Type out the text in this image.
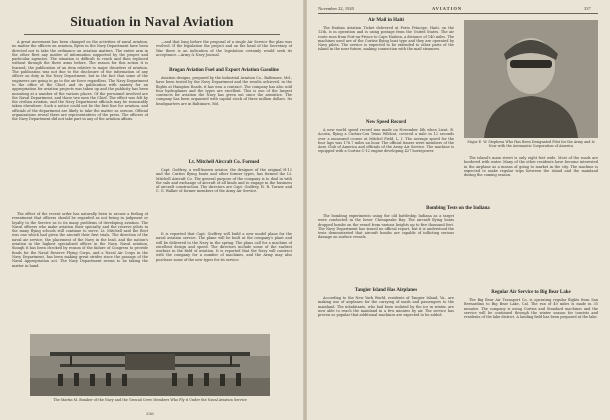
Situation in Naval Aviation

A great movement has been changed on the activities of naval aviation, no matter the officers on aviation, flyers in the Navy Department have been directed not to take the ordinance on aviation matters. The entire arm in the other fleet any matter of information supported by the proper and particular agencies. The situation is difficult to reach and then replaced without through the three arms before. The reason for this action it is learned, the publication of an item relative to major disorders of aviation. The publication was not due to the disclosure of the information of any officer on duty in the Navy Department, but in the fact that some of the engineers are going to go to the air force regardless. The Navy Department to the office of the Chief, and its publication with anxiety for an appropriation for aviation projects was taken up and the publicity has been mounting at a number of the various places. Of the personnel involved are the Naval Department, and those two men the Chief. The effect was felt by the civilian aviation, and the Navy Department officials may be reasonably taken elsewhere. Such a notice could not be the first line for aviation, and officials of the department are likely to take the matter as serious. Official organizations reveal there are representatives of the press. The officers of the Navy Department did not take part in any of the aviation affairs.

The effect of the recent order has naturally been to arouse a feeling of resentment that officers should be regarded as not being in judgment or loyalty to the Service as to its many problems of developing aviation. The Naval officers who make aviation their specialty and the reserve pilots in the many flying schools still continue to serve. Lt. Mitchell said the fleet was one which had given the aircraft their first trials. The direction of the naval air service, the placement of the Navy in the lead, and the nation's aviation in the highest specialized offices in the Navy. Naval aviation, though it has been checked by reason of the failure of Congress to provide funds for the Naval Reserve Flying Corps, and a Naval Air Corps in the Navy Department, has been making great strides since the passage of the Naval Appropriation act. The Navy Department seems to be taking the matter in hand.

—and that long before the proposal of a single Air Service the plan was evolved. If the legislation the project and on the head of the Secretary of War there is an indication of the legislation certainly would seek its acceptance.—Army & Navy Journal.

Brogan Aviation Fuel and Export Aviation Gasoline

Aviation designs, prepared by the Industrial Aviation Co., Baltimore, Md., have been tested by the Navy Department and the results achieved, in the flights at Hampton Roads, it has won a contract. The company has also sold four hydroplanes and the types are excellent. This is one of the largest contracts for aviation the Navy has given out since the armistice. The company has been organized with capital stock of three million dollars. Its headquarters are in Baltimore, Md.

Lt. Mitchell Aircraft Co. Formed

Capt. Godfrey, a well-known aviator, the designer of the original H-12 and the Curtiss flying boats and other former types, has formed the Lt. Mitchell Aircraft Co. The general purpose of the company is to deal in with the sale and exchange of aircraft of all kinds and to engage in the business of aircraft construction. The directors are Capt. Godfrey, H. R. Turner and C. G. Walker of former members of the Army Air Service.

It is reported that Capt. Godfrey will build a new model plane for the naval aviation service. The plane will be built at the company's plant and will be delivered to the Navy in the spring. The plans call for a machine of excellent design and speed. The directors include some of the earliest workers in the field of aviation. It is reported that the Navy will contract with the company for a number of machines, and the Army may also purchase some of the new types for its service.

The Martin M. Bomber of the Navy and the Ground Crew Members Who Fly it Under the Naval Aviation Service
336
November 22, 1920	AVIATION	337
Air Mail in Haiti

The Haitian Aviation Ticket delivered at Porto Principe, Haiti, on the 12th, is in operation and is using postage from the United States. The air route runs from Port-au-Prince to Cape Haitien, a distance of 140 miles. The machines used are of the Curtiss flying boat type and they are operated by Navy pilots. The service is expected to be extended to other parts of the island in the near future, making connection with the mail steamers.

New Speed Record

A new world speed record was made on November 4th when Lieut. B. Acosta, flying a Curtiss-Cox Texas Wildcat, covered a mile in 12 seconds over a measured course at Mitchel Field, L. I. The average speed for the four laps was 176.7 miles an hour. The official timers were members of the Aero Club of America and officials of the Army Air Service. The machine is equipped with a Curtiss C-12 engine developing 427 horsepower.

Major E. W. Stephens Who Has Been Designated Pilot for the Army and Is Now with the Aeronautic Corporation of America

The island's main street is only eight feet wide. Most of the roads are bordered with water. Many of the other residents have become interested in the airplane as a means of going to market in the city. The machine is expected to make regular trips between the island and the mainland during the coming season.

Bombing Tests on the Indiana

The bombing experiments using the old battleship Indiana as a target were conducted in the lower Chesapeake Bay. The aircraft flying boats dropped bombs on the vessel from various heights up to five thousand feet. The Navy Department has issued no official report, but it is understood the tests demonstrated that aircraft bombs are capable of inflicting serious damage on surface vessels.

Tangier Island Has Airplanes

According to the New York World, residents of Tangier Island, Va., are making use of airplanes for the carrying of mails and passengers to the mainland. The inhabitants, who had been isolated by the ice in winter, are now able to reach the mainland in a few minutes by air. The service has proven so popular that additional machines are expected to be added.

Regular Air Service to Big Bear Lake

The Big Bear Air Transport Co. is operating regular flights from San Bernardino to Big Bear Lake, Cal. The run of 40 miles is made in 35 minutes. The company is using Curtiss and Standard machines and the service will be continued through the winter season for tourists and residents of the lake district. A landing field has been prepared at the lake.
